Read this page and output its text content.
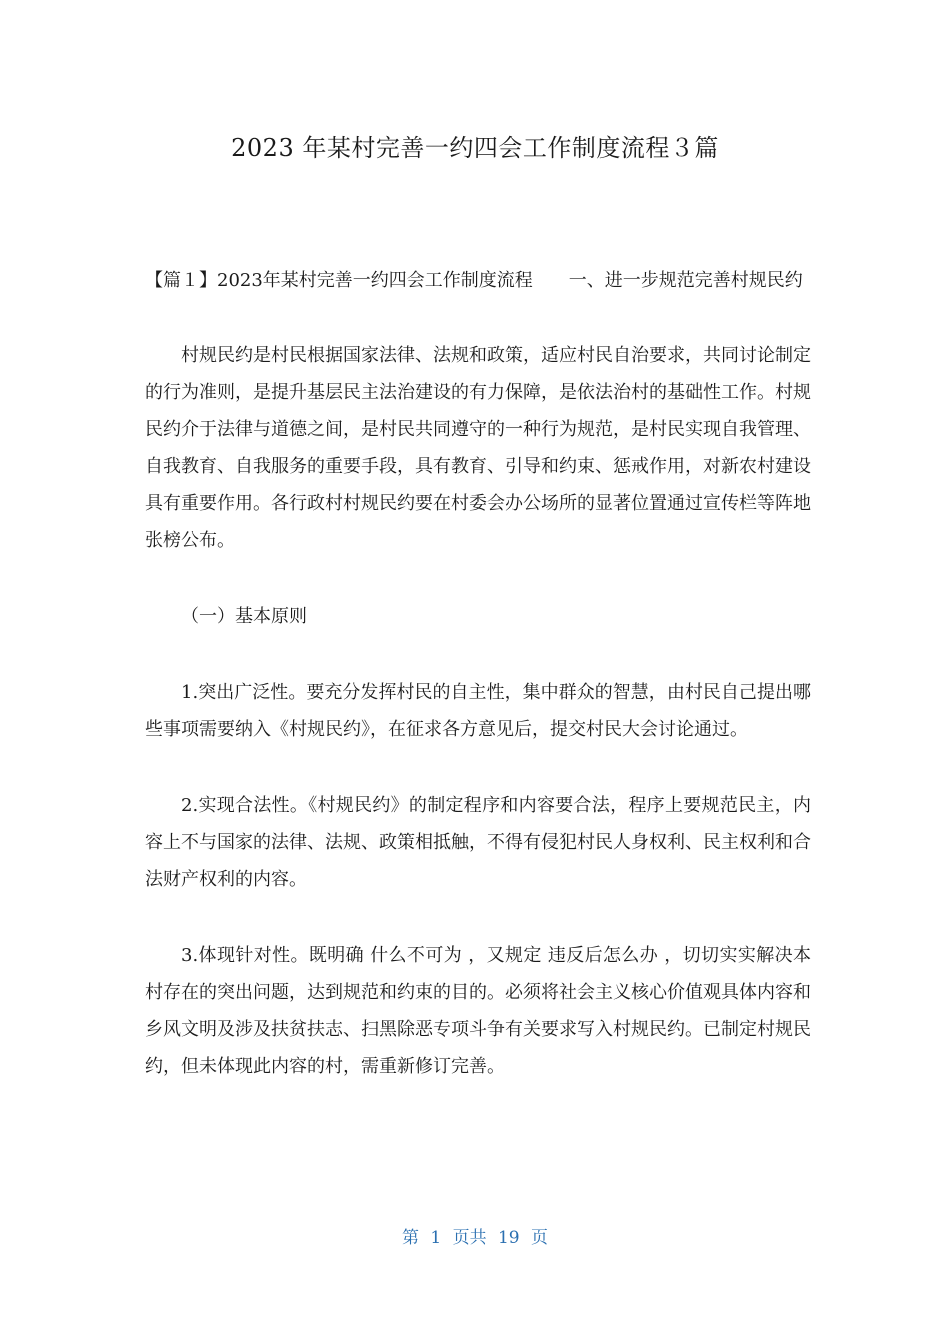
2023 年某村完善一约四会工作制度流程３篇

【篇１】2023年某村完善一约四会工作制度流程　　一、进一步规范完善村规民约

村规民约是村民根据国家法律、法规和政策，适应村民自治要求，共同讨论制定的行为准则，是提升基层民主法治建设的有力保障，是依法治村的基础性工作。村规民约介于法律与道德之间，是村民共同遵守的一种行为规范，是村民实现自我管理、自我教育、自我服务的重要手段，具有教育、引导和约束、惩戒作用，对新农村建设具有重要作用。各行政村村规民约要在村委会办公场所的显著位置通过宣传栏等阵地张榜公布。

（一）基本原则

1.突出广泛性。要充分发挥村民的自主性，集中群众的智慧，由村民自己提出哪些事项需要纳入《村规民约》，在征求各方意见后，提交村民大会讨论通过。

2.实现合法性。《村规民约》的制定程序和内容要合法，程序上要规范民主，内容上不与国家的法律、法规、政策相抵触，不得有侵犯村民人身权利、民主权利和合法财产权利的内容。

3.体现针对性。既明确 什么不可为 ，又规定 违反后怎么办 ，切切实实解决本村存在的突出问题，达到规范和约束的目的。必须将社会主义核心价值观具体内容和乡风文明及涉及扶贫扶志、扫黑除恶专项斗争有关要求写入村规民约。已制定村规民约，但未体现此内容的村，需重新修订完善。

第 1 页共 19 页
